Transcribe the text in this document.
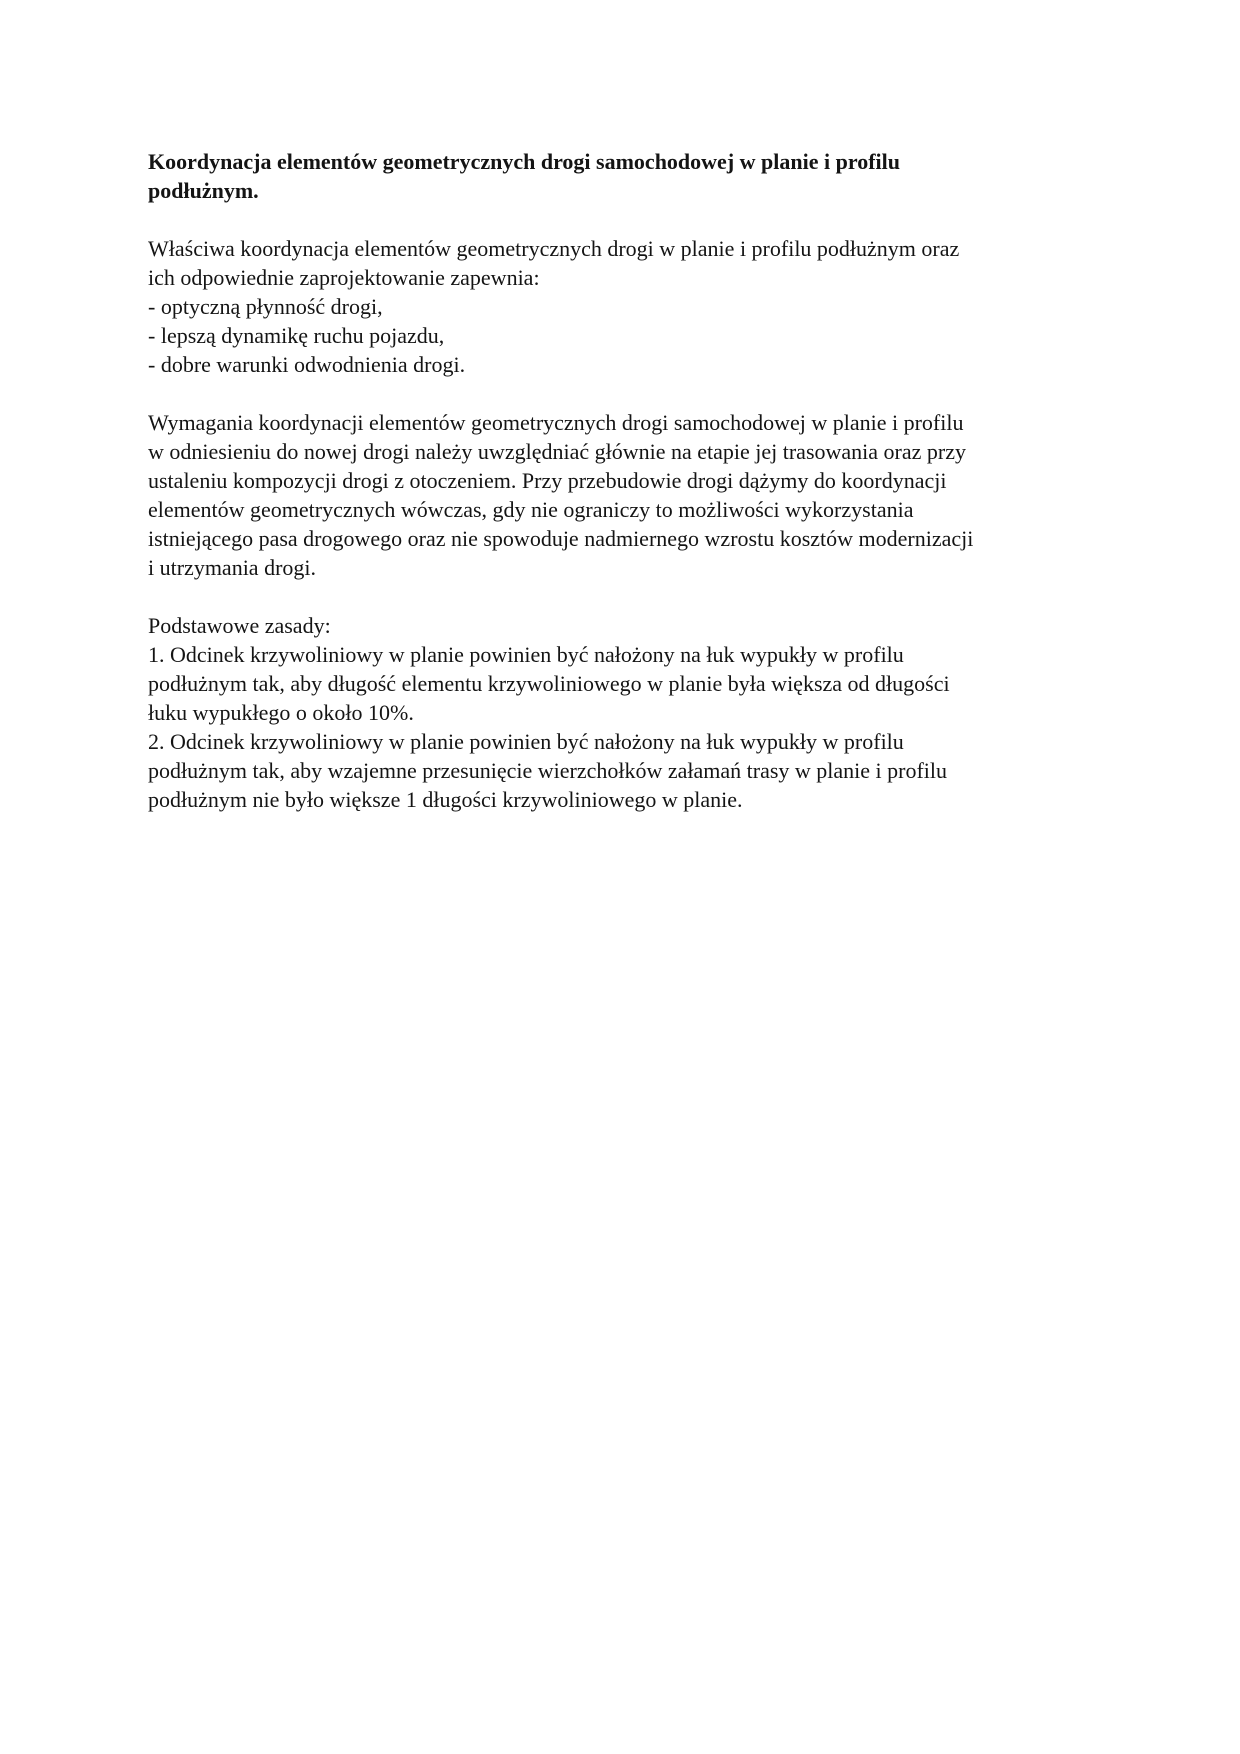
Koordynacja elementów geometrycznych drogi samochodowej w planie i profilu
podłużnym.

Właściwa koordynacja elementów geometrycznych drogi w planie i profilu podłużnym oraz
ich odpowiednie zaprojektowanie zapewnia:
- optyczną płynność drogi,
- lepszą dynamikę ruchu pojazdu,
- dobre warunki odwodnienia drogi.

Wymagania koordynacji elementów geometrycznych drogi samochodowej w planie i profilu
w odniesieniu do nowej drogi należy uwzględniać głównie na etapie jej trasowania oraz przy
ustaleniu kompozycji drogi z otoczeniem. Przy przebudowie drogi dążymy do koordynacji
elementów geometrycznych wówczas, gdy nie ograniczy to możliwości wykorzystania
istniejącego pasa drogowego oraz nie spowoduje nadmiernego wzrostu kosztów modernizacji
i utrzymania drogi.

Podstawowe zasady:
1. Odcinek krzywoliniowy w planie powinien być nałożony na łuk wypukły w profilu
podłużnym tak, aby długość elementu krzywoliniowego w planie była większa od długości
łuku wypukłego o około 10%.
2. Odcinek krzywoliniowy w planie powinien być nałożony na łuk wypukły w profilu
podłużnym tak, aby wzajemne przesunięcie wierzchołków załamań trasy w planie i profilu
podłużnym nie było większe 1 długości krzywoliniowego w planie.
